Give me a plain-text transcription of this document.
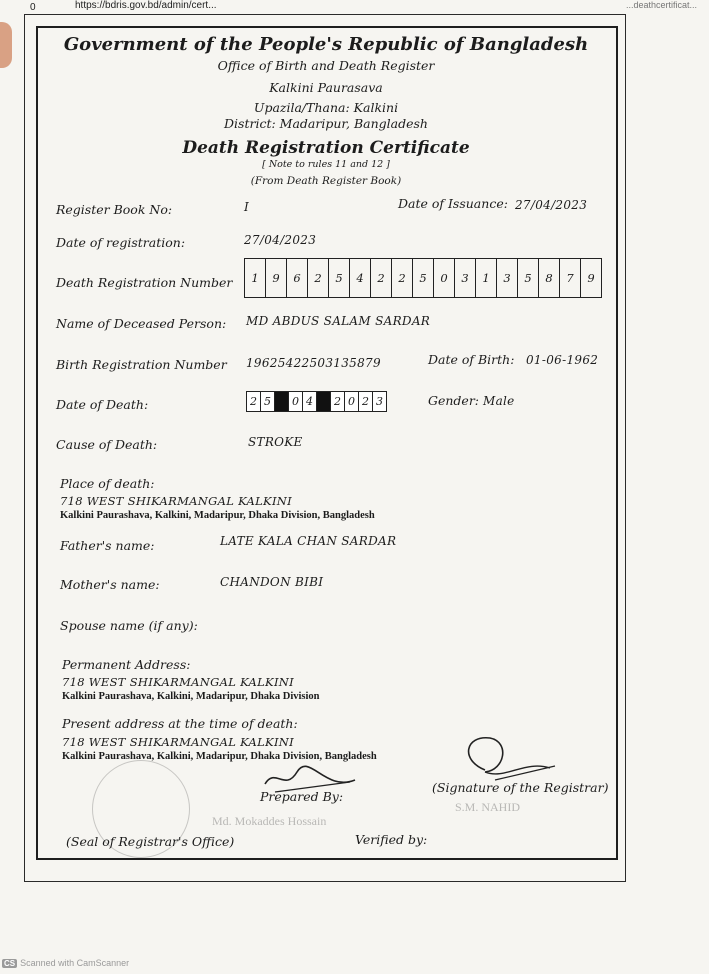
0	https://bdris.gov.bd/admin/cert...	...deathcertificat...
Government of the People's Republic of Bangladesh
Office of Birth and Death Register
Kalkini Paurasava
Upazila/Thana: Kalkini
District: Madaripur, Bangladesh
Death Registration Certificate
[ Note to rules 11 and 12 ]
(From Death Register Book)
Register Book No:	I	Date of Issuance: 27/04/2023
Date of registration:	27/04/2023
Death Registration Number	1	9	6	2	5	4	2	2	5	0	3	1	3	5	8	7	9
Name of Deceased Person: MD ABDUS SALAM SARDAR
Birth Registration Number 19625422503135879	Date of Birth: 01-06-1962
Date of Death:	2 5	0 4	2 0 2 3	Gender: Male
Cause of Death:	STROKE
Place of death:
718 WEST SHIKARMANGAL KALKINI
Kalkini Paurashava, Kalkini, Madaripur, Dhaka Division, Bangladesh
Father's name:	LATE KALA CHAN SARDAR
Mother's name:	CHANDON BIBI
Spouse name (if any):
Permanent Address:
718 WEST SHIKARMANGAL KALKINI
Kalkini Paurashava, Kalkini, Madaripur, Dhaka Division
Present address at the time of death:
718 WEST SHIKARMANGAL KALKINI
Kalkini Paurashava, Kalkini, Madaripur, Dhaka Division, Bangladesh
Md. Mokaddes Hossain
S.M. NAHID
Prepared By:
(Signature of the Registrar)
(Seal of Registrar's Office)	Verified by:
CS Scanned with CamScanner
